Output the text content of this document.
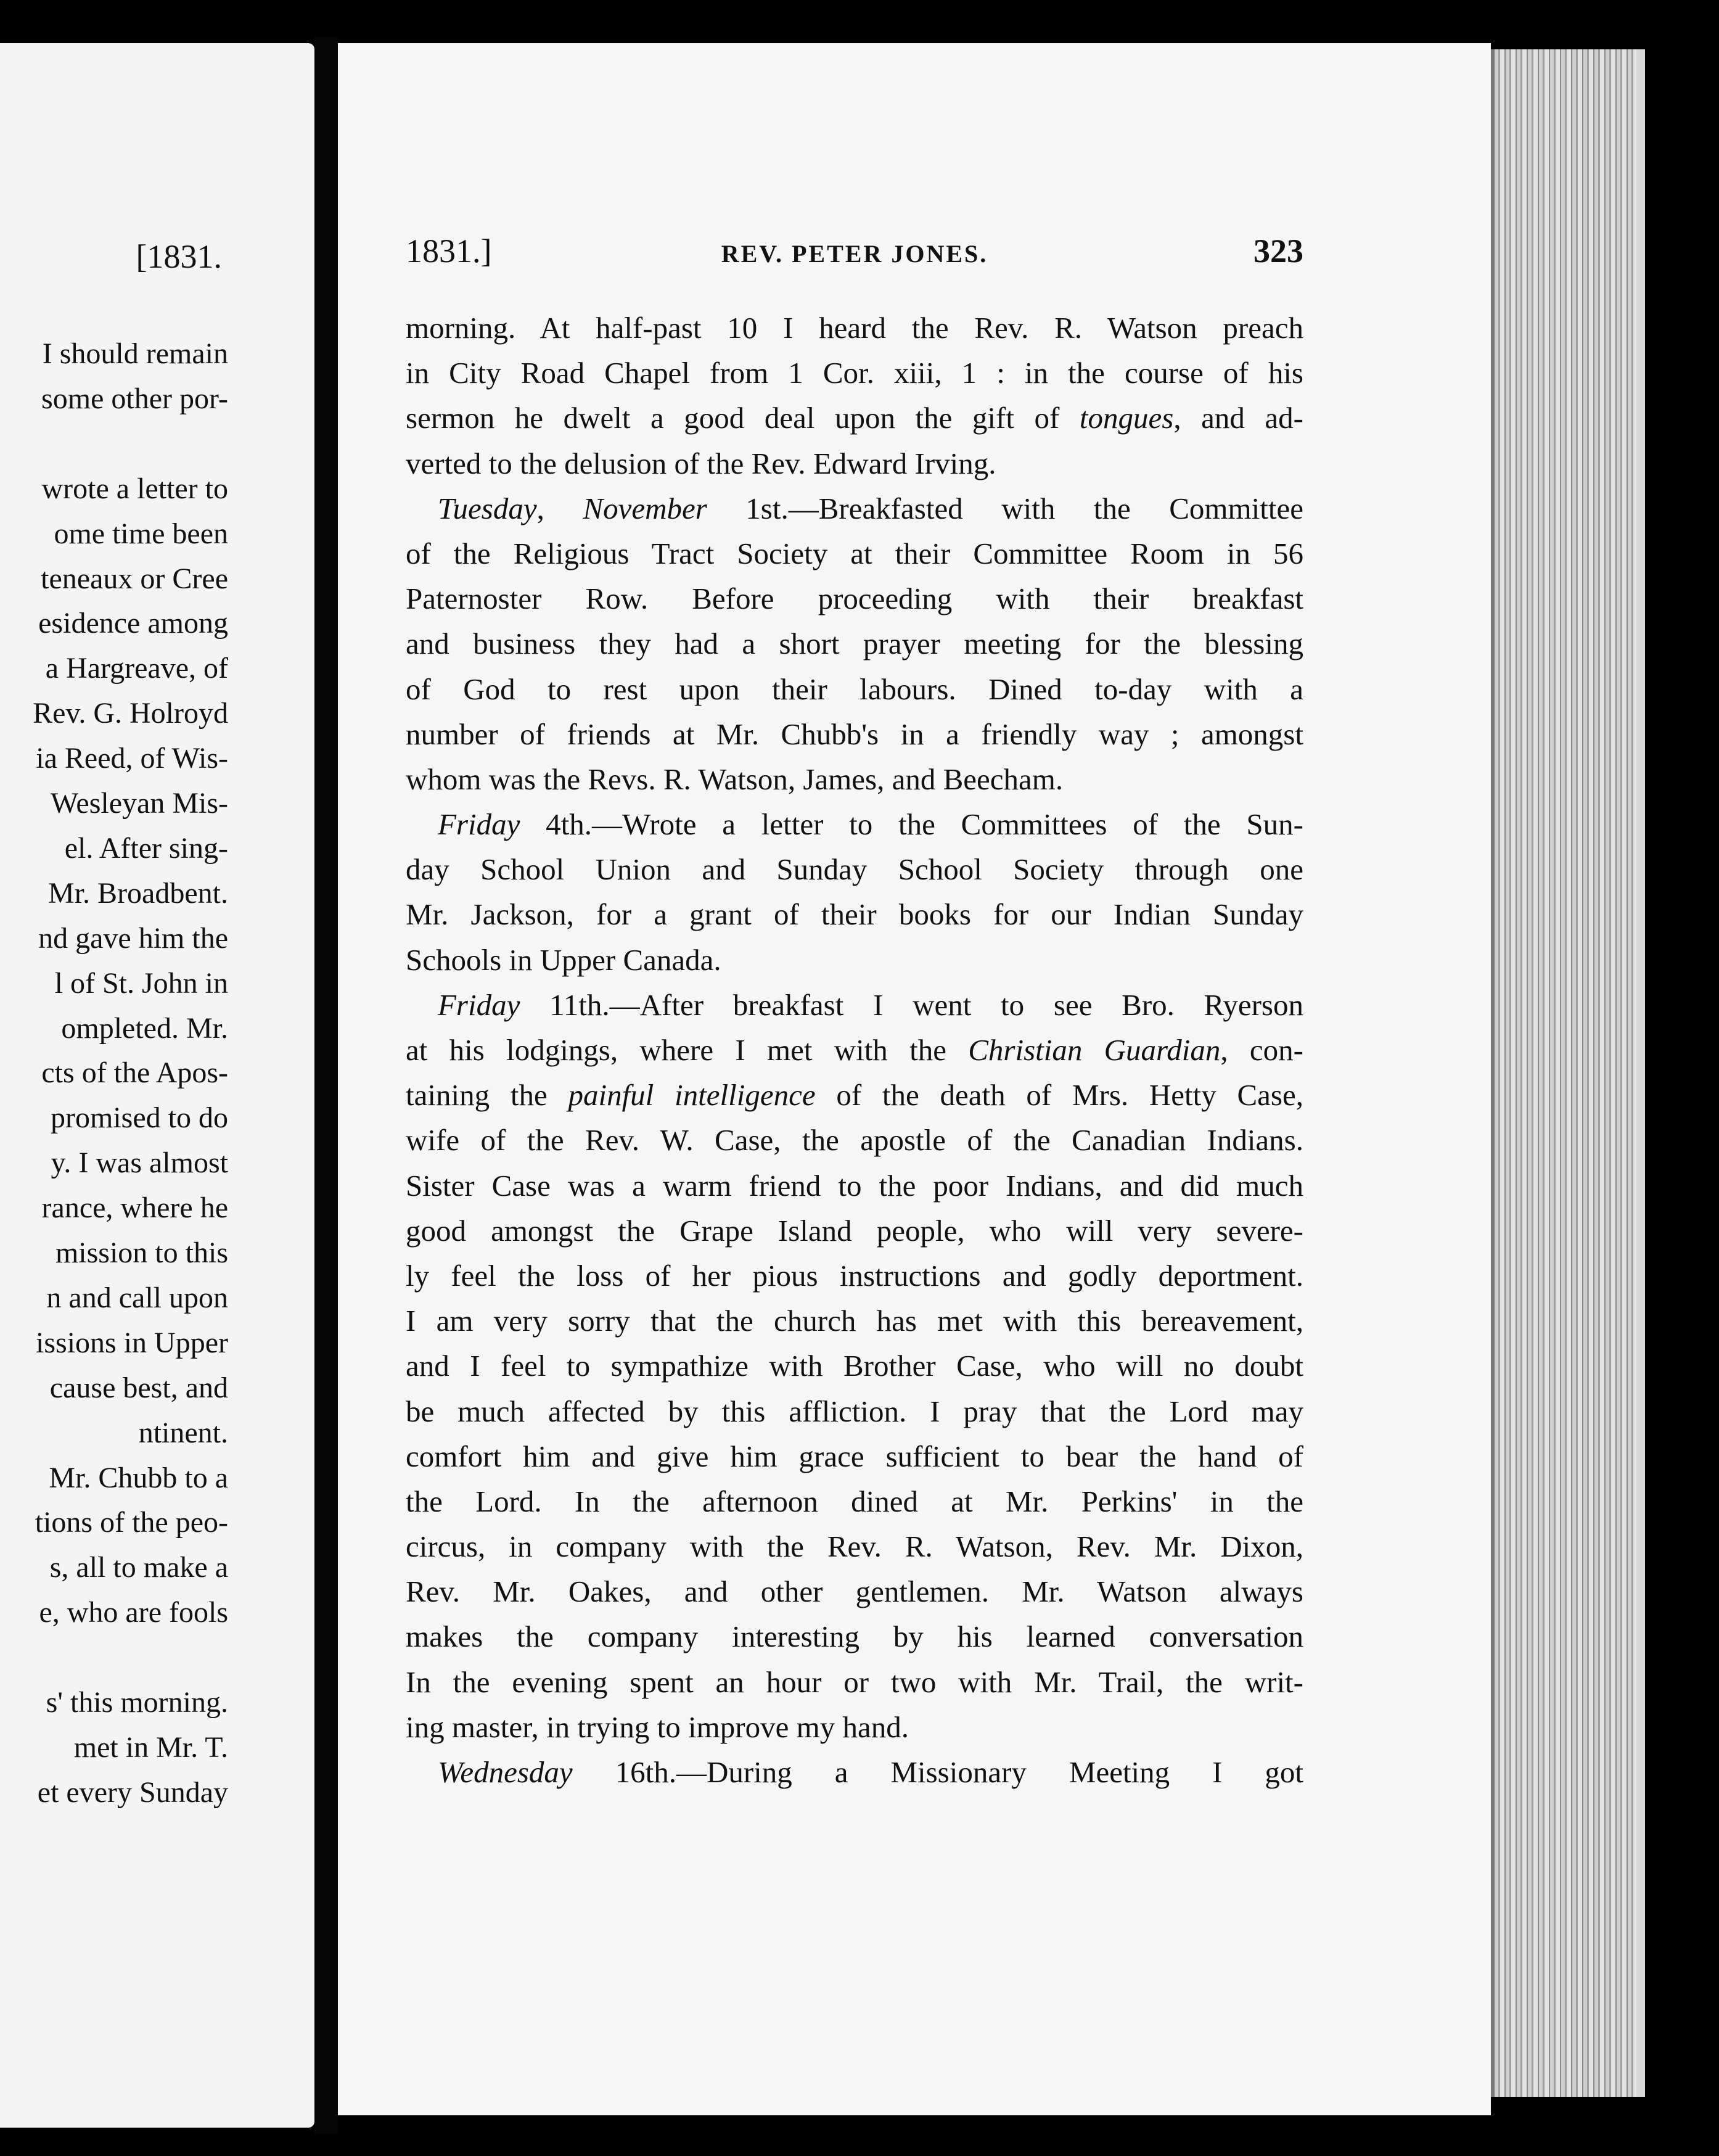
[1831.
I should remain
some other por-
wrote a letter to
ome time been
teneaux or Cree
esidence among
a Hargreave, of
Rev. G. Holroyd
ia Reed, of Wis-
Wesleyan Mis-
el. After sing-
Mr. Broadbent.
nd gave him the
l of St. John in
ompleted. Mr.
cts of the Apos-
promised to do
y. I was almost
rance, where he
mission to this
n and call upon
issions in Upper
cause best, and
ntinent.
Mr. Chubb to a
tions of the peo-
s, all to make a
e, who are fools
s' this morning.
met in Mr. T.
et every Sunday
1831.]	REV. PETER JONES.	323
morning. At half-past 10 I heard the Rev. R. Watson preach
in City Road Chapel from 1 Cor. xiii, 1 : in the course of his
sermon he dwelt a good deal upon the gift of tongues, and ad-
verted to the delusion of the Rev. Edward Irving.
Tuesday, November 1st.—Breakfasted with the Committee
of the Religious Tract Society at their Committee Room in 56
Paternoster Row. Before proceeding with their breakfast
and business they had a short prayer meeting for the blessing
of God to rest upon their labours. Dined to-day with a
number of friends at Mr. Chubb's in a friendly way ; amongst
whom was the Revs. R. Watson, James, and Beecham.
Friday 4th.—Wrote a letter to the Committees of the Sun-
day School Union and Sunday School Society through one
Mr. Jackson, for a grant of their books for our Indian Sunday
Schools in Upper Canada.
Friday 11th.—After breakfast I went to see Bro. Ryerson
at his lodgings, where I met with the Christian Guardian, con-
taining the painful intelligence of the death of Mrs. Hetty Case,
wife of the Rev. W. Case, the apostle of the Canadian Indians.
Sister Case was a warm friend to the poor Indians, and did much
good amongst the Grape Island people, who will very severe-
ly feel the loss of her pious instructions and godly deportment.
I am very sorry that the church has met with this bereavement,
and I feel to sympathize with Brother Case, who will no doubt
be much affected by this affliction. I pray that the Lord may
comfort him and give him grace sufficient to bear the hand of
the Lord. In the afternoon dined at Mr. Perkins' in the
circus, in company with the Rev. R. Watson, Rev. Mr. Dixon,
Rev. Mr. Oakes, and other gentlemen. Mr. Watson always
makes the company interesting by his learned conversation
In the evening spent an hour or two with Mr. Trail, the writ-
ing master, in trying to improve my hand.
Wednesday 16th.—During a Missionary Meeting I got
